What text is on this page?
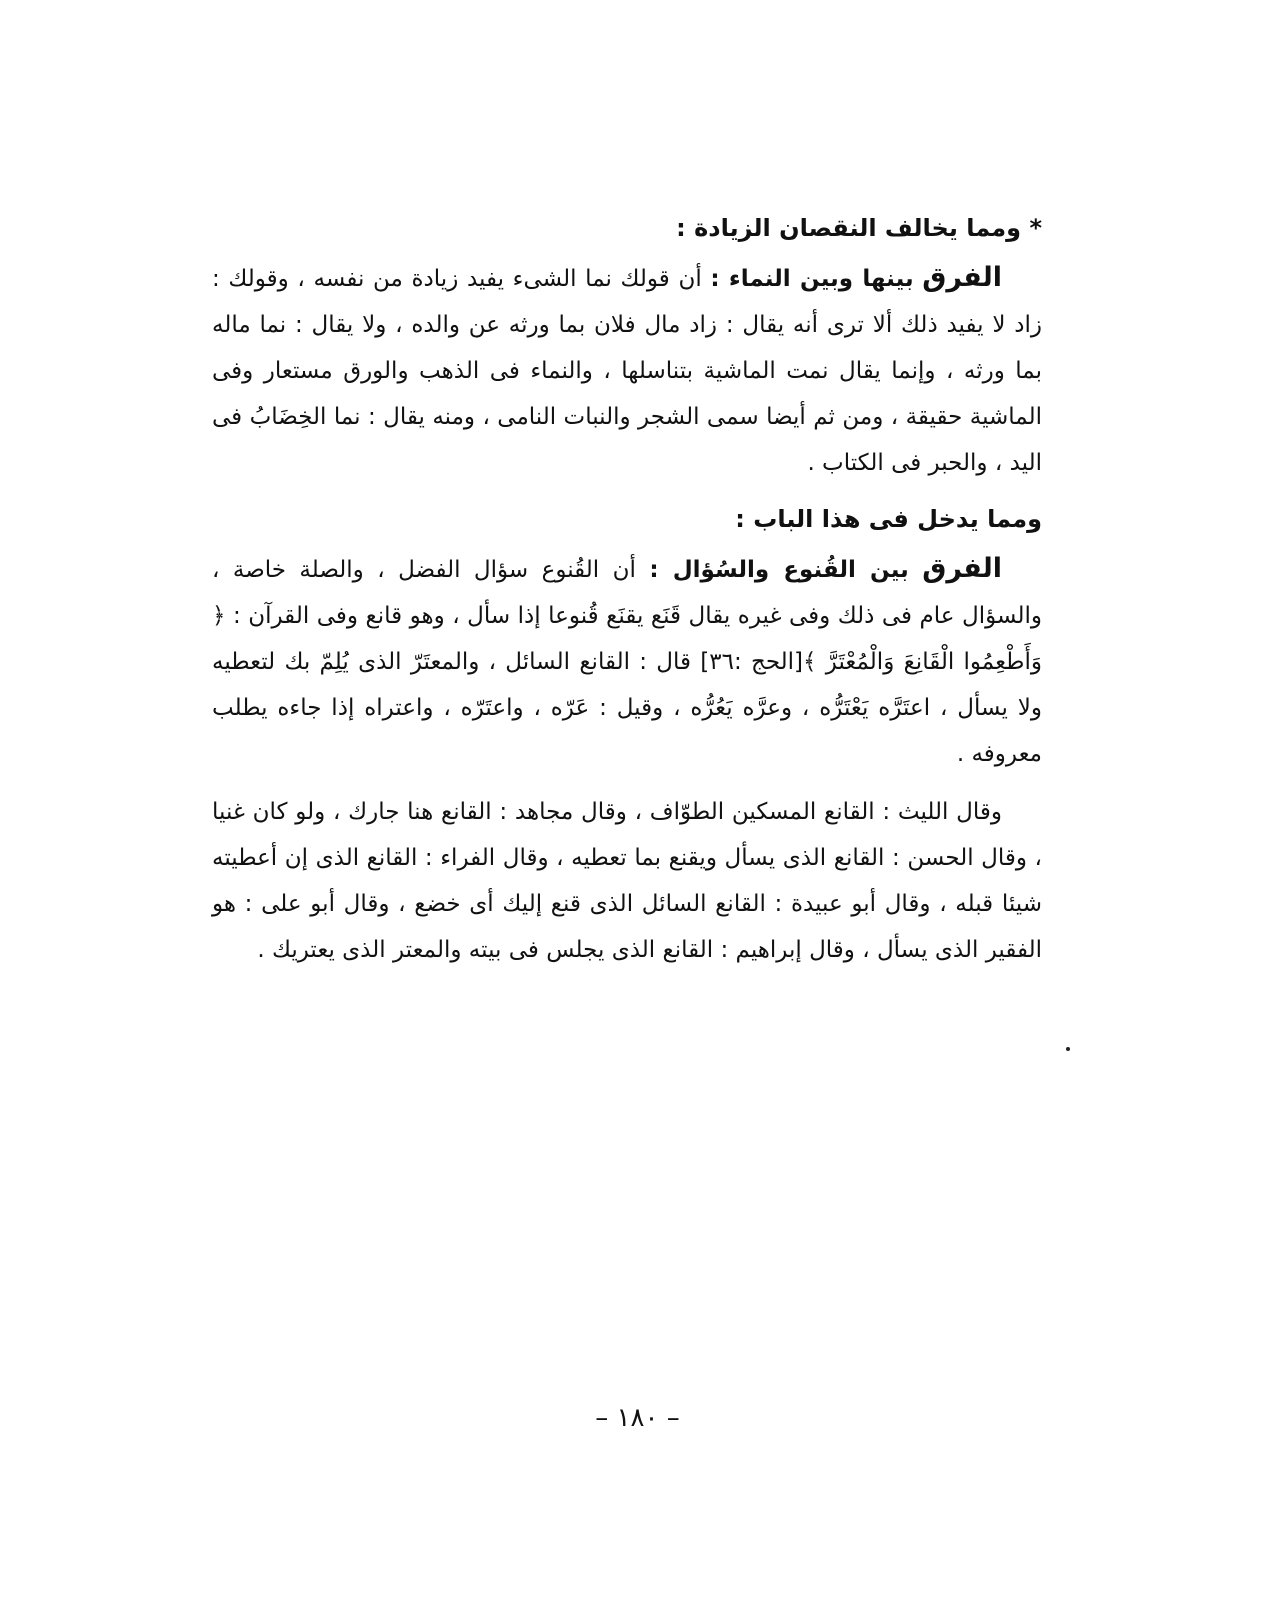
* ومما يخالف النقصان الزيادة :

الفرق بينها وبين النماء : أن قولك نما الشىء يفيد زيادة من نفسه ، وقولك : زاد لا يفيد ذلك ألا ترى أنه يقال : زاد مال فلان بما ورثه عن والده ، ولا يقال : نما ماله بما ورثه ، وإنما يقال نمت الماشية بتناسلها ، والنماء فى الذهب والورق مستعار وفى الماشية حقيقة ، ومن ثم أيضا سمى الشجر والنبات النامى ، ومنه يقال : نما الخِضَابُ فى اليد ، والحبر فى الكتاب .

ومما يدخل فى هذا الباب :

الفرق بين القُنوع والسُؤال : أن القُنوع سؤال الفضل ، والصلة خاصة ، والسؤال عام فى ذلك وفى غيره يقال قَنَع يقنَع قُنوعا إذا سأل ، وهو قانع وفى القرآن : ﴿ وَأَطْعِمُوا الْقَانِعَ وَالْمُعْتَرَّ ﴾[الحج :٣٦] قال : القانع السائل ، والمعتَرّ الذى يُلِمّ بك لتعطيه ولا يسأل ، اعتَرَّه يَعْتَرُّه ، وعرَّه يَعُرُّه ، وقيل : عَرّه ، واعتَرّه ، واعتراه إذا جاءه يطلب معروفه .

وقال الليث : القانع المسكين الطوّاف ، وقال مجاهد : القانع هنا جارك ، ولو كان غنيا ، وقال الحسن : القانع الذى يسأل ويقنع بما تعطيه ، وقال الفراء : القانع الذى إن أعطيته شيئا قبله ، وقال أبو عبيدة : القانع السائل الذى قنع إليك أى خضع ، وقال أبو على : هو الفقير الذى يسأل ، وقال إبراهيم : القانع الذى يجلس فى بيته والمعتر الذى يعتريك .

– ١٨٠ –
